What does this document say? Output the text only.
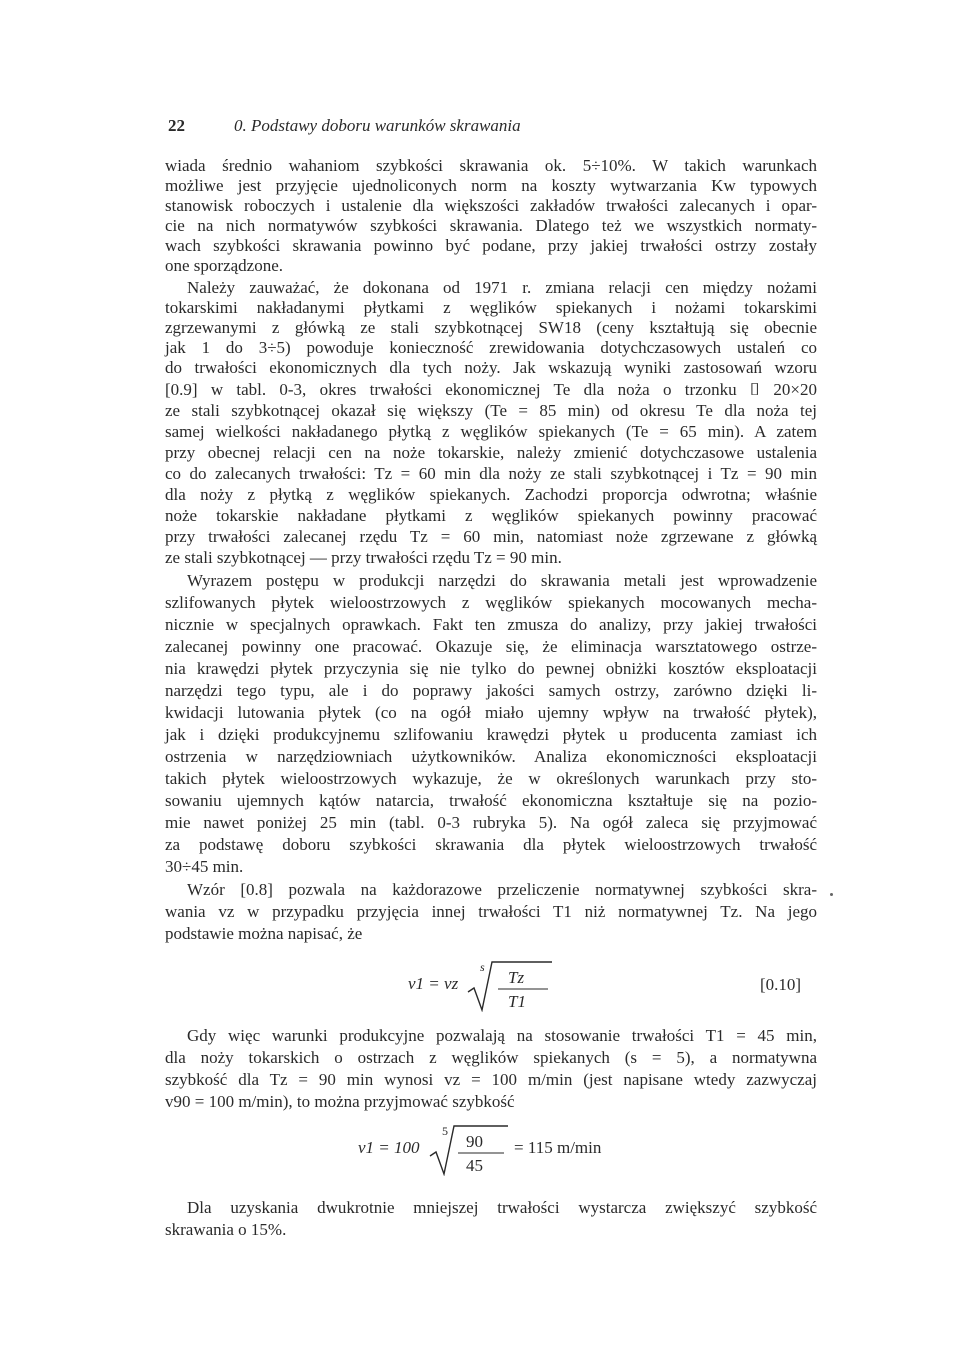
22	0. Podstawy doboru warunków skrawania

wiada średnio wahaniom szybkości skrawania ok. 5÷10%. W takich warunkach

możliwe jest przyjęcie ujednoliconych norm na koszty wytwarzania Kw typowych

stanowisk roboczych i ustalenie dla większości zakładów trwałości zalecanych i opar-

cie na nich normatywów szybkości skrawania. Dlatego też we wszystkich normaty-

wach szybkości skrawania powinno być podane, przy jakiej trwałości ostrzy zostały

one sporządzone.

Należy zauważać, że dokonana od 1971 r. zmiana relacji cen między nożami

tokarskimi nakładanymi płytkami z węglików spiekanych i nożami tokarskimi

zgrzewanymi z główką ze stali szybkotnącej SW18 (ceny kształtują się obecnie

jak 1 do 3÷5) powoduje konieczność zrewidowania dotychczasowych ustaleń co

do trwałości ekonomicznych dla tych noży. Jak wskazują wyniki zastosowań wzoru

[0.9] w tabl. 0-3, okres trwałości ekonomicznej Te dla noża o trzonku ⌷ 20×20

ze stali szybkotnącej okazał się większy (Te = 85 min) od okresu Te dla noża tej

samej wielkości nakładanego płytką z węglików spiekanych (Te = 65 min). A zatem

przy obecnej relacji cen na noże tokarskie, należy zmienić dotychczasowe ustalenia

co do zalecanych trwałości: Tz = 60 min dla noży ze stali szybkotnącej i Tz = 90 min

dla noży z płytką z węglików spiekanych. Zachodzi proporcja odwrotna; właśnie

noże tokarskie nakładane płytkami z węglików spiekanych powinny pracować

przy trwałości zalecanej rzędu Tz = 60 min, natomiast noże zgrzewane z główką

ze stali szybkotnącej — przy trwałości rzędu Tz = 90 min.

Wyrazem postępu w produkcji narzędzi do skrawania metali jest wprowadzenie

szlifowanych płytek wieloostrzowych z węglików spiekanych mocowanych mecha-

nicznie w specjalnych oprawkach. Fakt ten zmusza do analizy, przy jakiej trwałości

zalecanej powinny one pracować. Okazuje się, że eliminacja warsztatowego ostrze-

nia krawędzi płytek przyczynia się nie tylko do pewnej obniżki kosztów eksploatacji

narzędzi tego typu, ale i do poprawy jakości samych ostrzy, zarówno dzięki li-

kwidacji lutowania płytek (co na ogół miało ujemny wpływ na trwałość płytek),

jak i dzięki produkcyjnemu szlifowaniu krawędzi płytek u producenta zamiast ich

ostrzenia w narzędziowniach użytkowników. Analiza ekonomiczności eksploatacji

takich płytek wieloostrzowych wykazuje, że w określonych warunkach przy sto-

sowaniu ujemnych kątów natarcia, trwałość ekonomiczna kształtuje się na pozio-

mie nawet poniżej 25 min (tabl. 0-3 rubryka 5). Na ogół zaleca się przyjmować

za podstawę doboru szybkości skrawania dla płytek wieloostrzowych trwałość

30÷45 min.

Wzór [0.8] pozwala na każdorazowe przeliczenie normatywnej szybkości skra-

wania vz w przypadku przyjęcia innej trwałości T1 niż normatywnej Tz. Na jego

podstawie można napisać, że

v1 = vz
s
Tz
T1
[0.10]

Gdy więc warunki produkcyjne pozwalają na stosowanie trwałości T1 = 45 min,

dla noży tokarskich o ostrzach z węglików spiekanych (s = 5), a normatywna

szybkość dla Tz = 90 min wynosi vz = 100 m/min (jest napisane wtedy zazwyczaj

v90 = 100 m/min), to można przyjmować szybkość

v1 = 100
5
90
45
= 115 m/min

Dla uzyskania dwukrotnie mniejszej trwałości wystarcza zwiększyć szybkość

skrawania o 15%.
